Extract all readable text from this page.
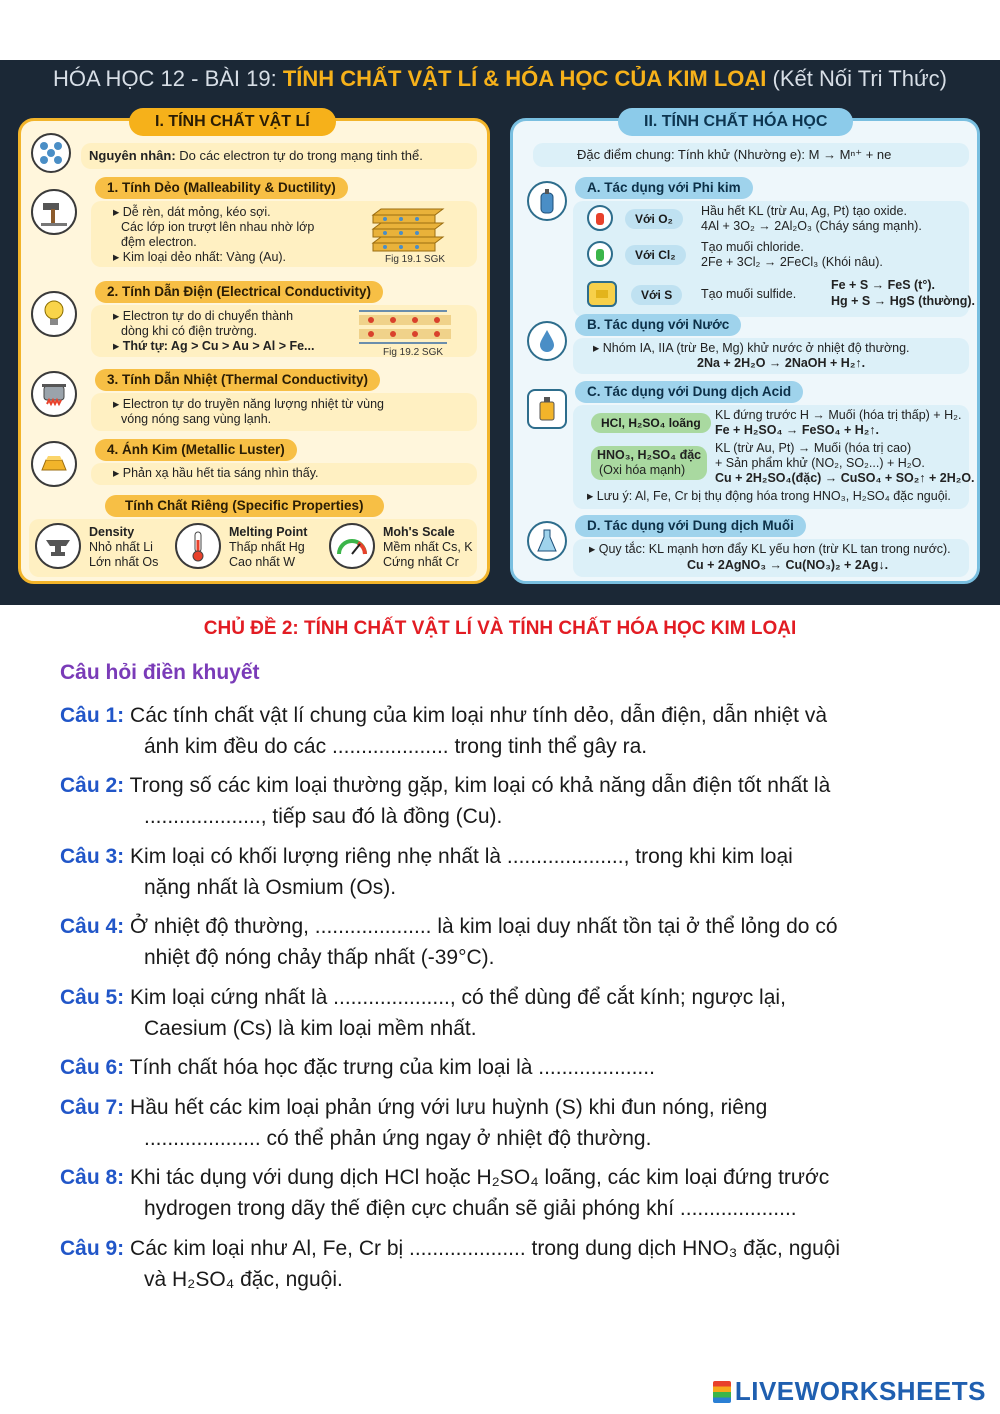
HÓA HỌC 12 - BÀI 19: TÍNH CHẤT VẬT LÍ & HÓA HỌC CỦA KIM LOẠI (Kết Nối Tri Thức)
I. TÍNH CHẤT VẬT LÍ
Nguyên nhân: Do các electron tự do trong mạng tinh thể.
1. Tính Dẻo (Malleability & Ductility)
▸ Dễ rèn, dát mỏng, kéo sợi.
Các lớp ion trượt lên nhau nhờ lớp
đệm electron.
▸ Kim loại dẻo nhất: Vàng (Au).	Fig 19.1 SGK
2. Tính Dẫn Điện (Electrical Conductivity)
▸ Electron tự do di chuyển thành
dòng khi có điện trường.
▸ Thứ tự: Ag > Cu > Au > Al > Fe...	Fig 19.2 SGK
3. Tính Dẫn Nhiệt (Thermal Conductivity)
▸ Electron tự do truyền năng lượng nhiệt từ vùng
vóng nóng sang vùng lạnh.
4. Ánh Kim (Metallic Luster)
▸ Phản xạ hầu hết tia sáng nhìn thấy.
Tính Chất Riêng (Specific Properties)
Density
Nhỏ nhất Li
Lớn nhất Os
Melting Point
Thấp nhất Hg
Cao nhất W
Moh's Scale
Mềm nhất Cs, K
Cứng nhất Cr
II. TÍNH CHẤT HÓA HỌC
Đặc điểm chung: Tính khử (Nhường e): M → Mⁿ⁺ + ne
A. Tác dụng với Phi kim
Với O₂
Hầu hết KL (trừ Au, Ag, Pt) tạo oxide.
4Al + 3O₂ → 2Al₂O₃ (Cháy sáng mạnh).
Với Cl₂
Tạo muối chloride.
2Fe + 3Cl₂ → 2FeCl₃ (Khói nâu).
Với S	Tạo muối sulfide.
Fe + S → FeS (t°).
Hg + S → HgS (thường).
B. Tác dụng với Nước
▸ Nhóm IA, IIA (trừ Be, Mg) khử nước ở nhiệt độ thường.
2Na + 2H₂O → 2NaOH + H₂↑.
C. Tác dụng với Dung dịch Acid
HCl, H₂SO₄ loãng
KL đứng trước H → Muối (hóa trị thấp) + H₂.
Fe + H₂SO₄ → FeSO₄ + H₂↑.
HNO₃, H₂SO₄ đặc
(Oxi hóa mạnh)
KL (trừ Au, Pt) → Muối (hóa trị cao)
+ Sản phẩm khử (NO₂, SO₂...) + H₂O.
Cu + 2H₂SO₄(đặc) → CuSO₄ + SO₂↑ + 2H₂O.
▸ Lưu ý: Al, Fe, Cr bị thụ động hóa trong HNO₃, H₂SO₄ đặc nguội.
D. Tác dụng với Dung dịch Muối
▸ Quy tắc: KL mạnh hơn đẩy KL yếu hơn (trừ KL tan trong nước).
Cu + 2AgNO₃ → Cu(NO₃)₂ + 2Ag↓.
CHỦ ĐỀ 2: TÍNH CHẤT VẬT LÍ VÀ TÍNH CHẤT HÓA HỌC KIM LOẠI
Câu hỏi điền khuyết
Câu 1: Các tính chất vật lí chung của kim loại như tính dẻo, dẫn điện, dẫn nhiệt và
ánh kim đều do các .................... trong tinh thể gây ra.
Câu 2: Trong số các kim loại thường gặp, kim loại có khả năng dẫn điện tốt nhất là
...................., tiếp sau đó là đồng (Cu).
Câu 3: Kim loại có khối lượng riêng nhẹ nhất là ...................., trong khi kim loại
nặng nhất là Osmium (Os).
Câu 4: Ở nhiệt độ thường, .................... là kim loại duy nhất tồn tại ở thể lỏng do có
nhiệt độ nóng chảy thấp nhất (-39°C).
Câu 5: Kim loại cứng nhất là ...................., có thể dùng để cắt kính; ngược lại,
Caesium (Cs) là kim loại mềm nhất.
Câu 6: Tính chất hóa học đặc trưng của kim loại là ....................
Câu 7: Hầu hết các kim loại phản ứng với lưu huỳnh (S) khi đun nóng, riêng
.................... có thể phản ứng ngay ở nhiệt độ thường.
Câu 8: Khi tác dụng với dung dịch HCl hoặc H₂SO₄ loãng, các kim loại đứng trước
hydrogen trong dãy thế điện cực chuẩn sẽ giải phóng khí ....................
Câu 9: Các kim loại như Al, Fe, Cr bị .................... trong dung dịch HNO₃ đặc, nguội
và H₂SO₄ đặc, nguội.
LIVEWORKSHEETS
